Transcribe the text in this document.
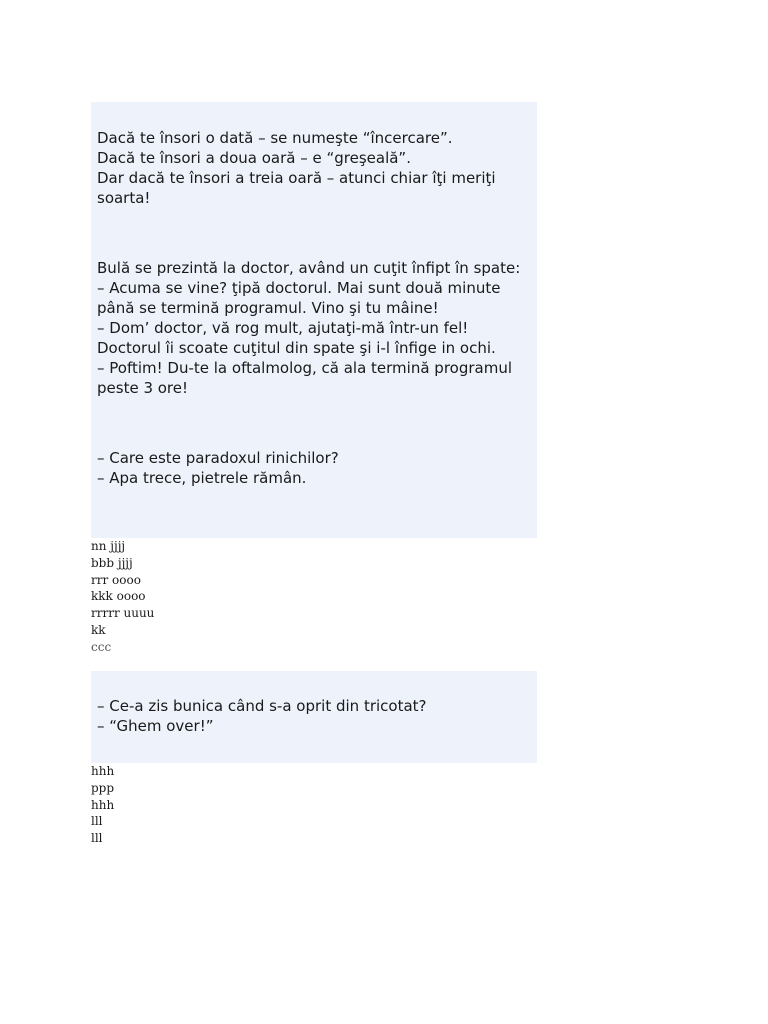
Dacă te însori o dată – se numeşte “încercare”.
Dacă te însori a doua oară – e “greşeală”.
Dar dacă te însori a treia oară – atunci chiar îţi meriţi soarta!

Bulă se prezintă la doctor, având un cuţit înfipt în spate:
– Acuma se vine? ţipă doctorul. Mai sunt două minute până se termină programul. Vino şi tu mâine!
– Dom’ doctor, vă rog mult, ajutaţi-mă într-un fel!
Doctorul îi scoate cuţitul din spate şi i-l înfige in ochi.
– Poftim! Du-te la oftalmolog, că ala termină programul peste 3 ore!

– Care este paradoxul rinichilor?
– Apa trece, pietrele rămân.

nn jjjj
bbb jjjj
rrr oooo
kkk oooo
rrrrr uuuu
kk
ccc

– Ce-a zis bunica când s-a oprit din tricotat?
– “Ghem over!”

hhh
ppp
hhh
lll
lll
